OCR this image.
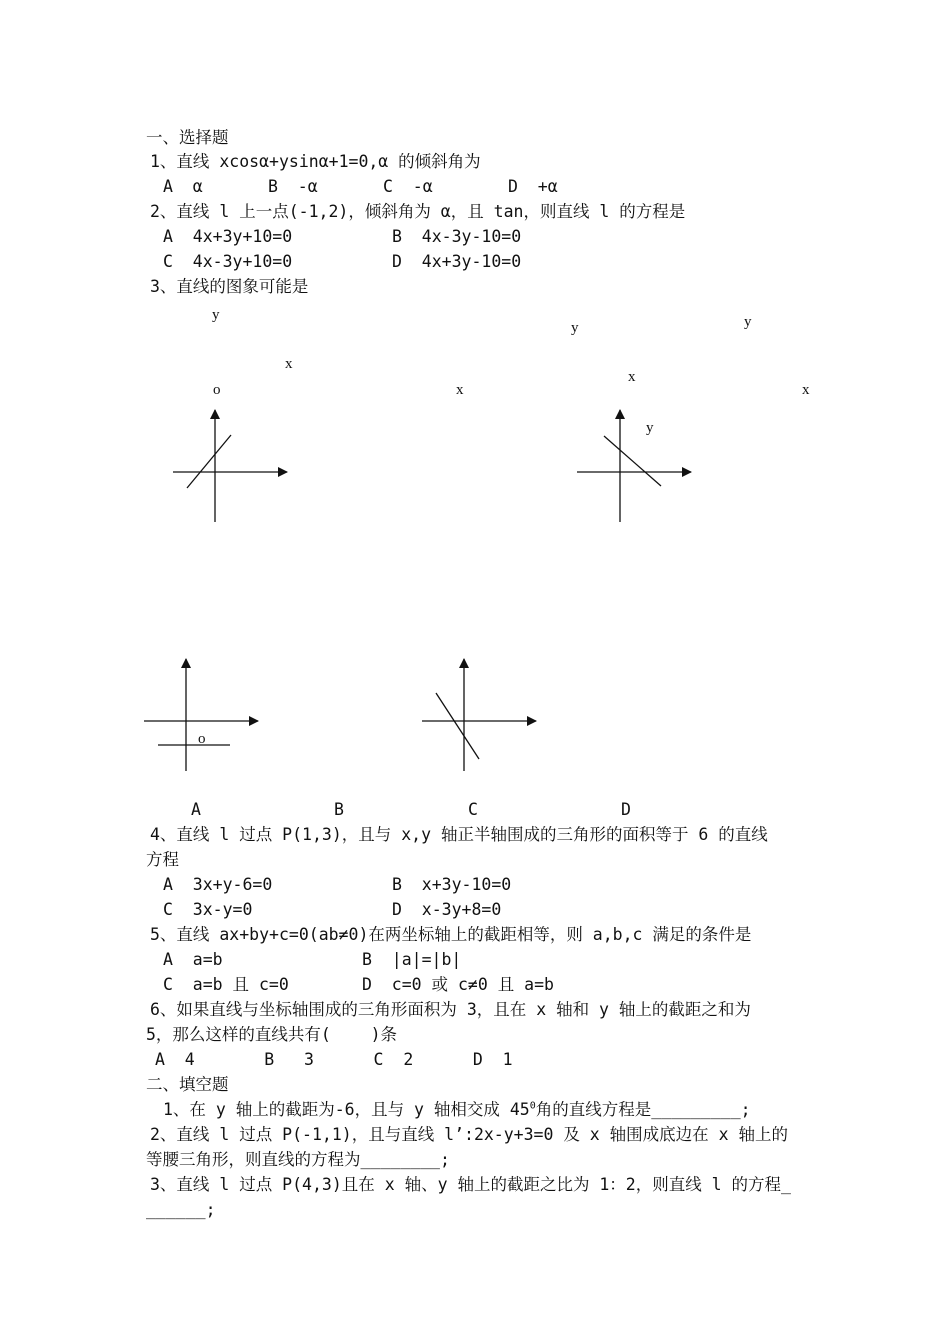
一、选择题
1、直线 xcosα+ysinα+1=0,α 的倾斜角为
A  α	B  -α	C  -α	D  +α
2、直线 l 上一点(-1,2)，倾斜角为 α，且 tan，则直线 l 的方程是
A  4x+3y+10=0	B  4x-3y-10=0
C  4x-3y+10=0	D  4x+3y-10=0
3、直线的图象可能是
y
y	y
x
x
o	x	x
y
o
A	B	C	D
4、直线 l 过点 P(1,3)，且与 x,y 轴正半轴围成的三角形的面积等于 6 的直线
方程
A  3x+y-6=0	B  x+3y-10=0
C  3x-y=0	D  x-3y+8=0
5、直线 ax+by+c=0(ab≠0)在两坐标轴上的截距相等，则 a,b,c 满足的条件是
A  a=b	B  |a|=|b|
C  a=b 且 c=0	D  c=0 或 c≠0 且 a=b
6、如果直线与坐标轴围成的三角形面积为 3，且在 x 轴和 y 轴上的截距之和为
5，那么这样的直线共有(    )条
A  4       B   3      C  2      D  1
二、填空题
1、在 y 轴上的截距为-6，且与 y 轴相交成 $45^0$角的直线方程是_________;
2、直线 l 过点 P(-1,1)，且与直线 l’:2x-y+3=0 及 x 轴围成底边在 x 轴上的
等腰三角形，则直线的方程为________;
3、直线 l 过点 P(4,3)且在 x 轴、y 轴上的截距之比为 1：2，则直线 l 的方程_
______;
